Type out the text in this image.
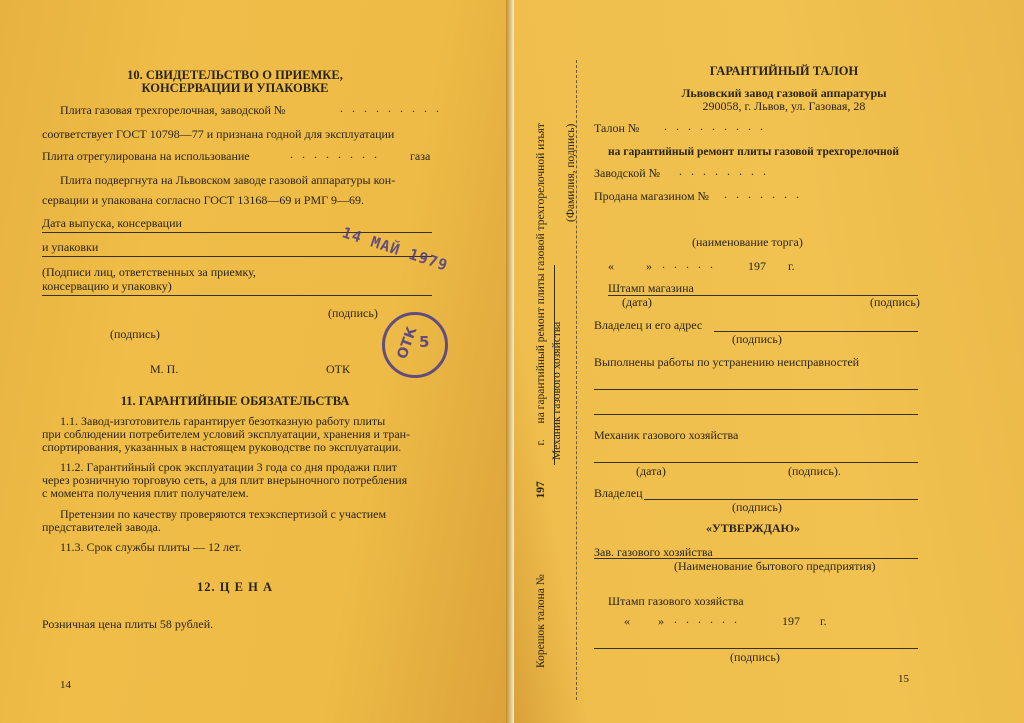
10. СВИДЕТЕЛЬСТВО О ПРИЕМКЕ,
КОНСЕРВАЦИИ И УПАКОВКЕ
Плита газовая трехгорелочная, заводской №	. . . . . . . . .
соответствует ГОСТ 10798—77 и признана годной для эксплуатации
Плита отрегулирована на использование	. . . . . . . .	газа
Плита подвергнута на Львовском заводе газовой аппаратуры кон-
сервации и упакована согласно ГОСТ 13168—69 и РМГ 9—69.
Дата выпуска, консервации
и упаковки
(Подписи лиц, ответственных за приемку,
консервацию и упаковку)
(подпись)
(подпись)
М. П.	ОТК
14 МАЙ 1979
ОТК
5
11. ГАРАНТИЙНЫЕ ОБЯЗАТЕЛЬСТВА
1.1. Завод-изготовитель гарантирует безотказную работу плиты
при соблюдении потребителем условий эксплуатации, хранения и тран-
спортирования, указанных в настоящем руководстве по эксплуатации.
11.2. Гарантийный срок эксплуатации 3 года со дня продажи плит
через розничную торговую сеть, а для плит внерыночного потребления
с момента получения плит получателем.
Претензии по качеству проверяются техэкспертизой с участием
представителей завода.
11.3. Срок службы плиты — 12 лет.
12. Ц Е Н А
Розничная цена плиты 58 рублей.
14
Корешок талона №  197  г.  на гарантийный ремонт плиты газовой трехгорелочной изъят Механик газового хозяйства
(Фамилия, подпись)
ГАРАНТИЙНЫЙ ТАЛОН
Львовский завод газовой аппаратуры
290058, г. Львов, ул. Газовая, 28
Талон № . . . . . . . . .
на гарантийный ремонт плиты газовой трехгорелочной
Заводской № . . . . . . . .
Продана магазином № . . . . . . .
(наименование торга)
«	» . . . . .	197 г.
Штамп магазина
(дата)	(подпись)
Владелец и его адрес
(подпись)
Выполнены работы по устранению неисправностей
Механик газового хозяйства
(дата)	(подпись).
Владелец
(подпись)
«УТВЕРЖДАЮ»
Зав. газового хозяйства
(Наименование бытового предприятия)
Штамп газового хозяйства
« » . . . . . .	197 г.
(подпись)
15
